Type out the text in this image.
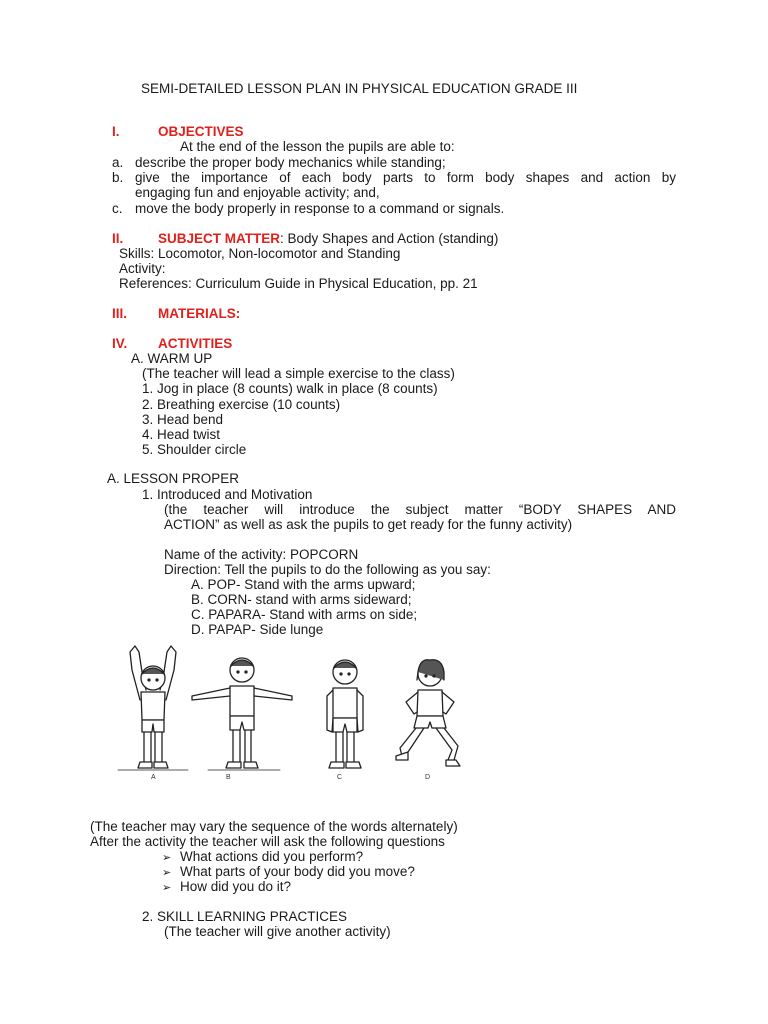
SEMI-DETAILED LESSON PLAN IN PHYSICAL EDUCATION GRADE III
I.	OBJECTIVES
At the end of the lesson the pupils are able to:
a. describe the proper body mechanics while standing;
b. give the importance of each body parts to form body shapes and action by
engaging fun and enjoyable activity; and,
c. move the body properly in response to a command or signals.
II.	SUBJECT MATTER: Body Shapes and Action (standing)
Skills: Locomotor, Non-locomotor and Standing
Activity:
References: Curriculum Guide in Physical Education, pp. 21
III. MATERIALS:
IV. ACTIVITIES
A. WARM UP
(The teacher will lead a simple exercise to the class)
1. Jog in place (8 counts) walk in place (8 counts)
2. Breathing exercise (10 counts)
3. Head bend
4. Head twist
5. Shoulder circle
A. LESSON PROPER
1. Introduced and Motivation
(the teacher will introduce the subject matter “BODY SHAPES AND
ACTION” as well as ask the pupils to get ready for the funny activity)
Name of the activity: POPCORN
Direction: Tell the pupils to do the following as you say:
A. POP- Stand with the arms upward;
B. CORN- stand with arms sideward;
C. PAPARA- Stand with arms on side;
D. PAPAP- Side lunge
A	B	C	D
(The teacher may vary the sequence of the words alternately)
After the activity the teacher will ask the following questions
➢ What actions did you perform?
➢ What parts of your body did you move?
➢ How did you do it?
2. SKILL LEARNING PRACTICES
(The teacher will give another activity)
